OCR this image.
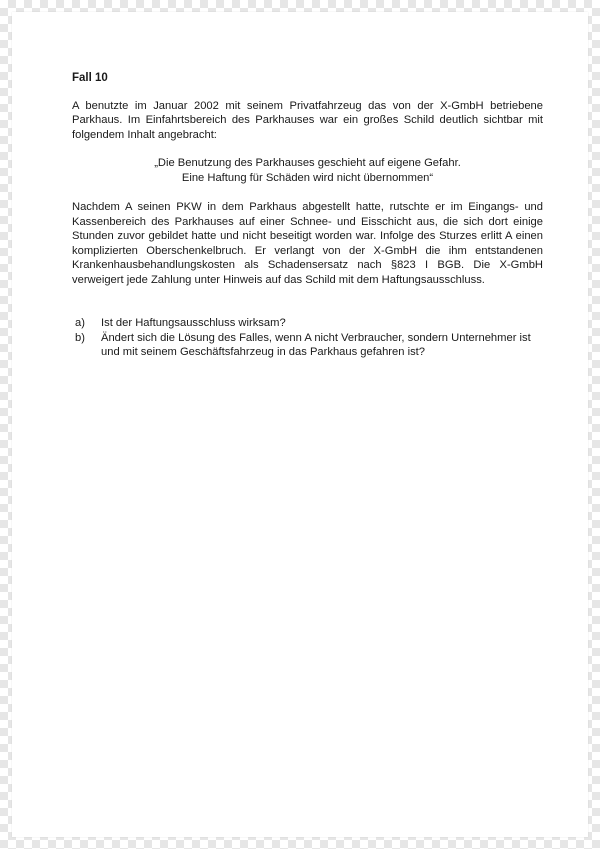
Fall 10

A benutzte im Januar 2002 mit seinem Privatfahrzeug das von der X-GmbH betriebene Parkhaus. Im Einfahrtsbereich des Parkhauses war ein großes Schild deutlich sichtbar mit folgendem Inhalt angebracht:

„Die Benutzung des Parkhauses geschieht auf eigene Gefahr.
Eine Haftung für Schäden wird nicht übernommen“

Nachdem A seinen PKW in dem Parkhaus abgestellt hatte, rutschte er im Eingangs- und Kassenbereich des Parkhauses auf einer Schnee- und Eisschicht aus, die sich dort einige Stunden zuvor gebildet hatte und nicht beseitigt worden war. Infolge des Sturzes erlitt A einen komplizierten Oberschenkelbruch. Er verlangt von der X-GmbH die ihm entstandenen Krankenhausbehandlungskosten als Schadensersatz nach §823 I BGB. Die X-GmbH verweigert jede Zahlung unter Hinweis auf das Schild mit dem Haftungsausschluss.

a)	Ist der Haftungsausschluss wirksam?
b)	Ändert sich die Lösung des Falles, wenn A nicht Verbraucher, sondern Unternehmer ist und mit seinem Geschäftsfahrzeug in das Parkhaus gefahren ist?
